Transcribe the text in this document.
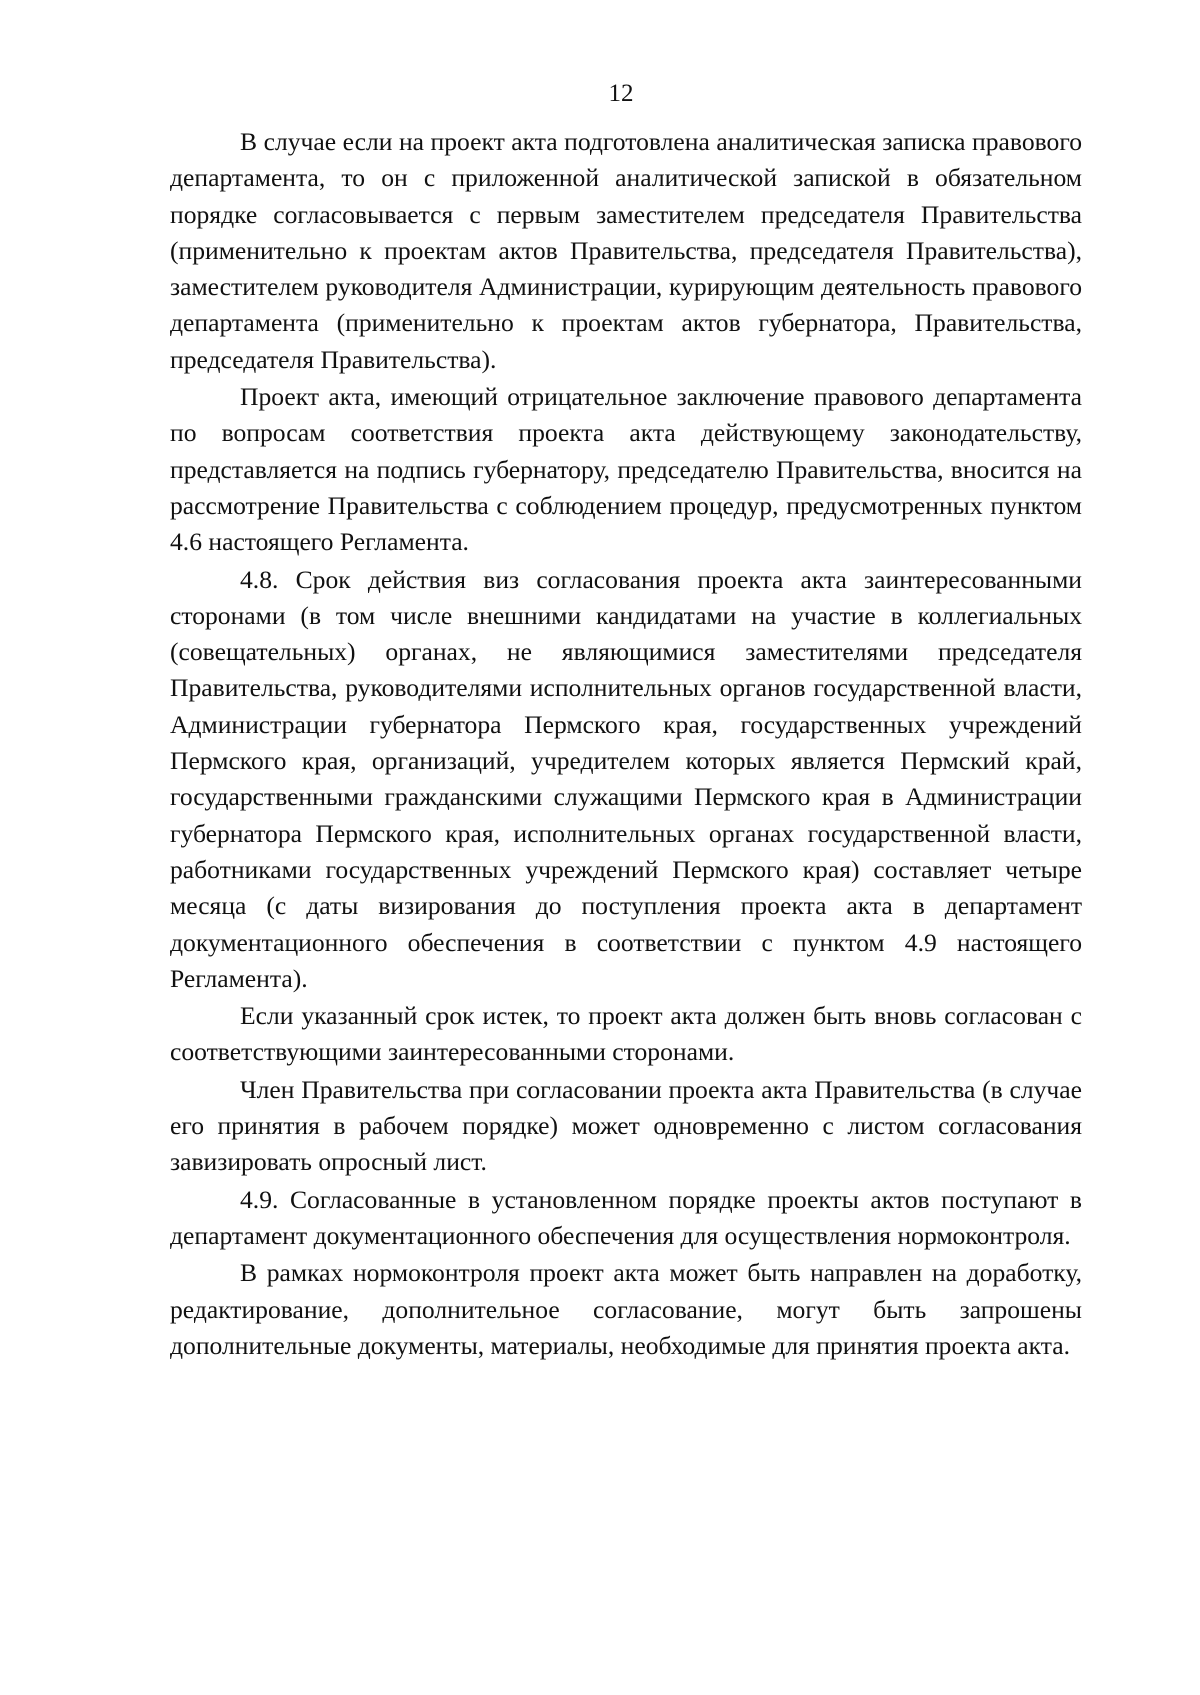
12

В случае если на проект акта подготовлена аналитическая записка правового департамента, то он с приложенной аналитической запиской в обязательном порядке согласовывается с первым заместителем председателя Правительства (применительно к проектам актов Правительства, председателя Правительства), заместителем руководителя Администрации, курирующим деятельность правового департамента (применительно к проектам актов губернатора, Правительства, председателя Правительства).

Проект акта, имеющий отрицательное заключение правового департамента по вопросам соответствия проекта акта действующему законодательству, представляется на подпись губернатору, председателю Правительства, вносится на рассмотрение Правительства с соблюдением процедур, предусмотренных пунктом 4.6 настоящего Регламента.

4.8. Срок действия виз согласования проекта акта заинтересованными сторонами (в том числе внешними кандидатами на участие в коллегиальных (совещательных) органах, не являющимися заместителями председателя Правительства, руководителями исполнительных органов государственной власти, Администрации губернатора Пермского края, государственных учреждений Пермского края, организаций, учредителем которых является Пермский край, государственными гражданскими служащими Пермского края в Администрации губернатора Пермского края, исполнительных органах государственной власти, работниками государственных учреждений Пермского края) составляет четыре месяца (с даты визирования до поступления проекта акта в департамент документационного обеспечения в соответствии с пунктом 4.9 настоящего Регламента).

Если указанный срок истек, то проект акта должен быть вновь согласован с соответствующими заинтересованными сторонами.

Член Правительства при согласовании проекта акта Правительства (в случае его принятия в рабочем порядке) может одновременно с листом согласования завизировать опросный лист.

4.9. Согласованные в установленном порядке проекты актов поступают в департамент документационного обеспечения для осуществления нормоконтроля.

В рамках нормоконтроля проект акта может быть направлен на доработку, редактирование, дополнительное согласование, могут быть запрошены дополнительные документы, материалы, необходимые для принятия проекта акта.
